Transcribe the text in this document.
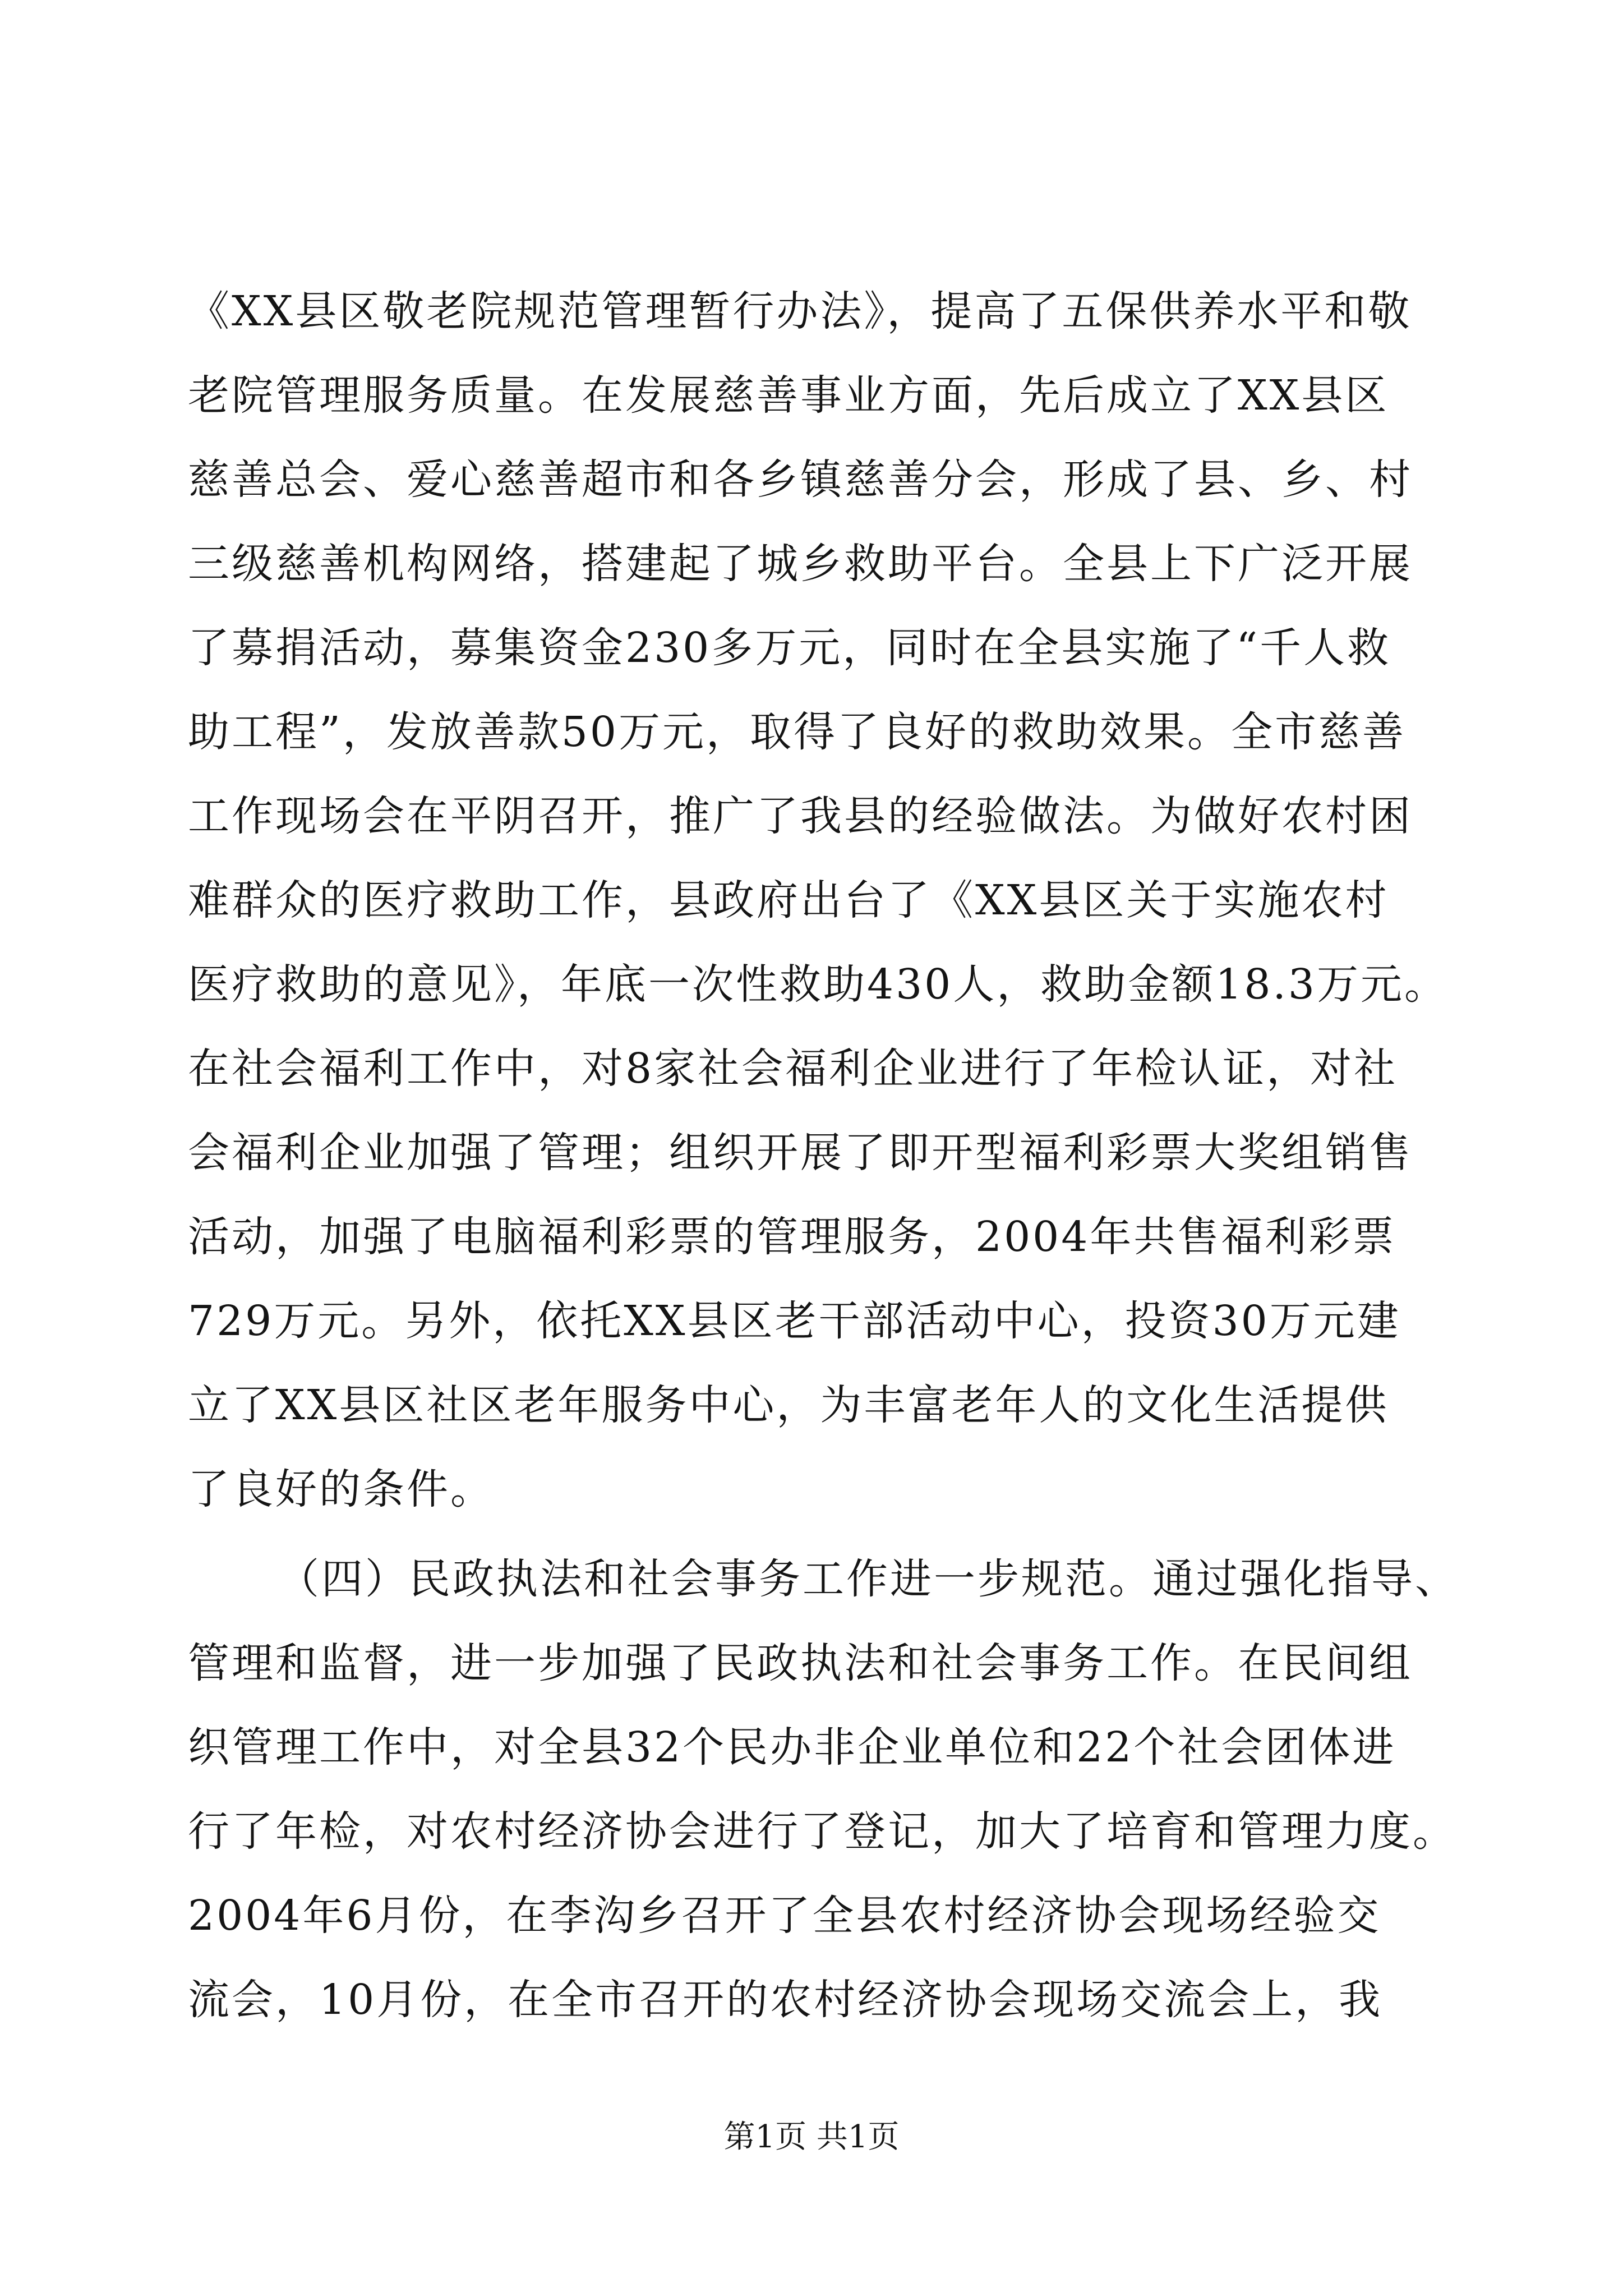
《XX县区敬老院规范管理暂行办法》，提高了五保供养水平和敬
老院管理服务质量。在发展慈善事业方面，先后成立了XX县区
慈善总会、爱心慈善超市和各乡镇慈善分会，形成了县、乡、村
三级慈善机构网络，搭建起了城乡救助平台。全县上下广泛开展
了募捐活动，募集资金230多万元，同时在全县实施了“千人救
助工程”，发放善款50万元，取得了良好的救助效果。全市慈善
工作现场会在平阴召开，推广了我县的经验做法。为做好农村困
难群众的医疗救助工作，县政府出台了《XX县区关于实施农村
医疗救助的意见》，年底一次性救助430人，救助金额18.3万元。
在社会福利工作中，对8家社会福利企业进行了年检认证，对社
会福利企业加强了管理；组织开展了即开型福利彩票大奖组销售
活动，加强了电脑福利彩票的管理服务，2004年共售福利彩票
729万元。另外，依托XX县区老干部活动中心，投资30万元建
立了XX县区社区老年服务中心，为丰富老年人的文化生活提供
了良好的条件。
（四）民政执法和社会事务工作进一步规范。通过强化指导、
管理和监督，进一步加强了民政执法和社会事务工作。在民间组
织管理工作中，对全县32个民办非企业单位和22个社会团体进
行了年检，对农村经济协会进行了登记，加大了培育和管理力度。
2004年6月份，在李沟乡召开了全县农村经济协会现场经验交
流会，10月份，在全市召开的农村经济协会现场交流会上，我
第1页 共1页
